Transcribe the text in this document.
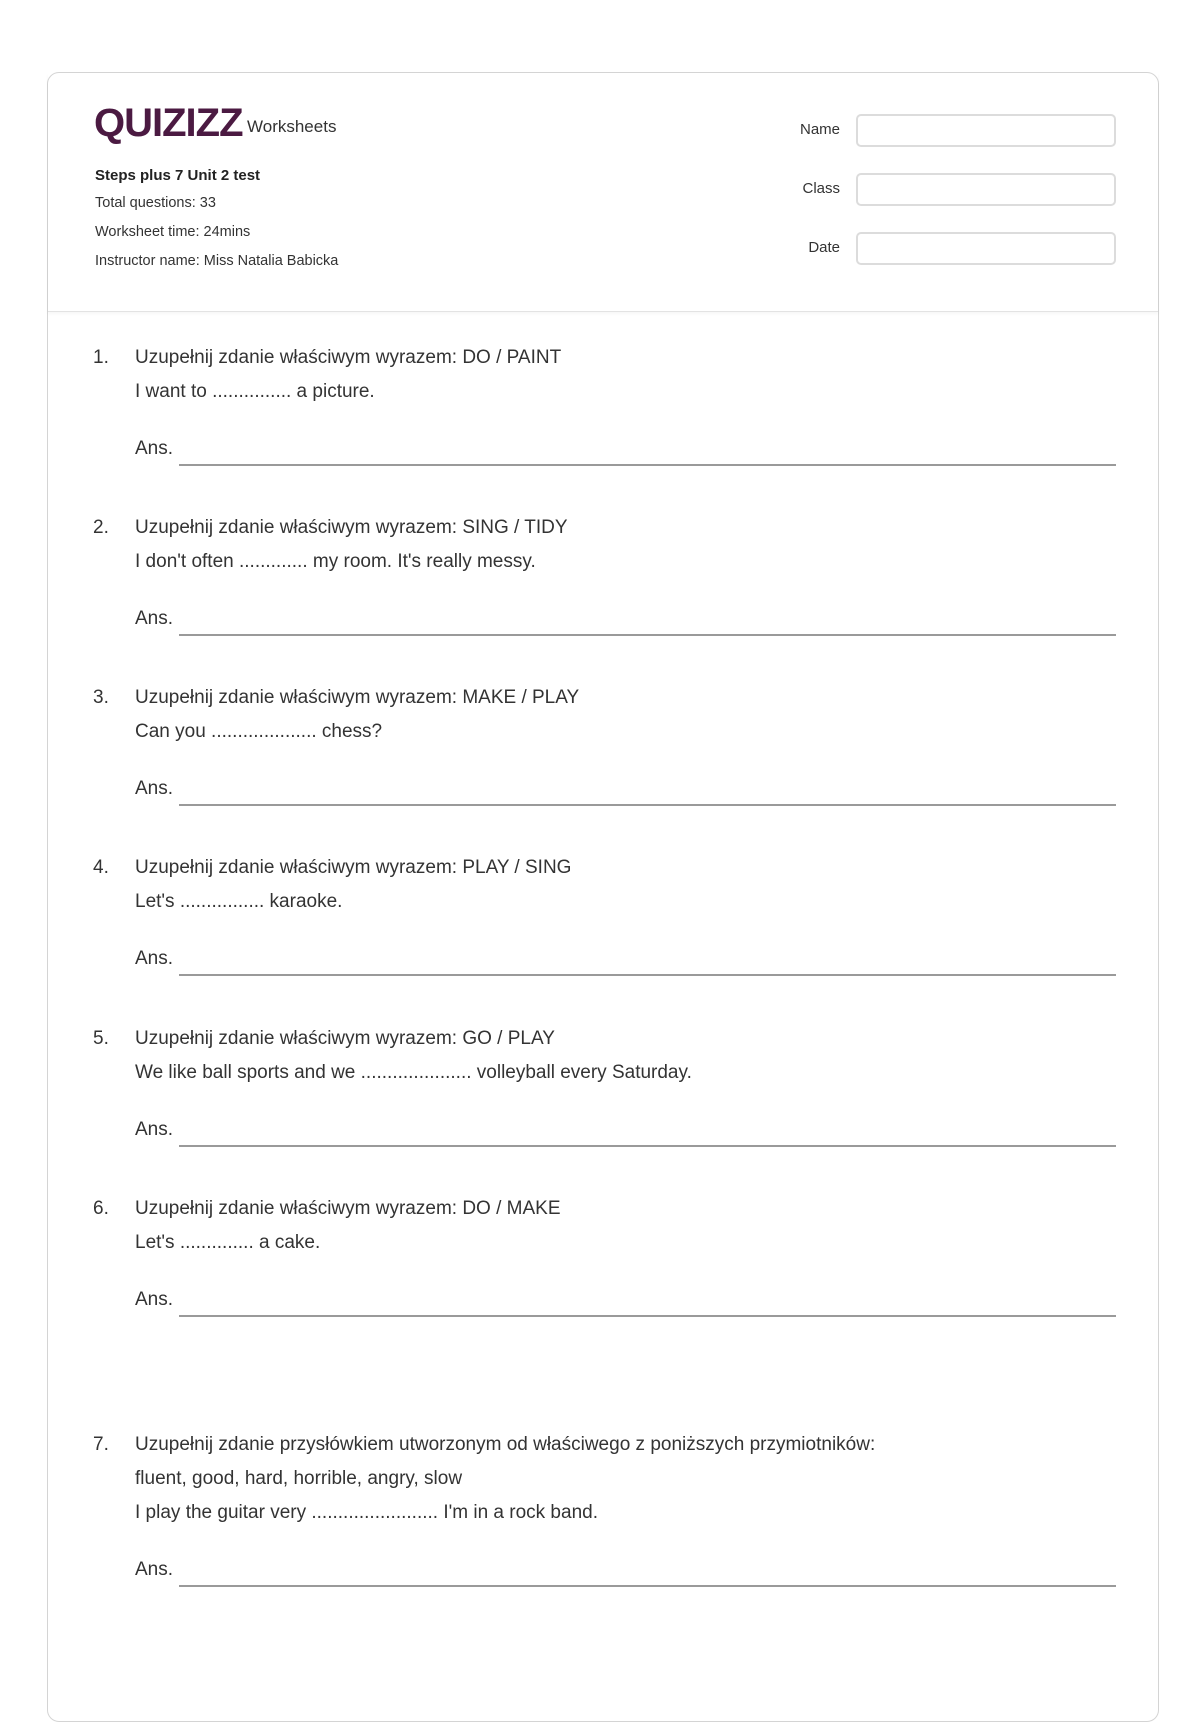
QUIZIZZ Worksheets
Steps plus 7 Unit 2 test
Total questions: 33
Worksheet time: 24mins
Instructor name: Miss Natalia Babicka
Name
Class
Date
1. Uzupełnij zdanie właściwym wyrazem: DO / PAINT
I want to ............... a picture.
Ans.
2. Uzupełnij zdanie właściwym wyrazem: SING / TIDY
I don't often ............. my room. It's really messy.
Ans.
3. Uzupełnij zdanie właściwym wyrazem: MAKE / PLAY
Can you .................... chess?
Ans.
4. Uzupełnij zdanie właściwym wyrazem: PLAY / SING
Let's ................ karaoke.
Ans.
5. Uzupełnij zdanie właściwym wyrazem: GO / PLAY
We like ball sports and we ..................... volleyball every Saturday.
Ans.
6. Uzupełnij zdanie właściwym wyrazem: DO / MAKE
Let's .............. a cake.
Ans.
7. Uzupełnij zdanie przysłówkiem utworzonym od właściwego z poniższych przymiotników:
fluent, good, hard, horrible, angry, slow
I play the guitar very ........................ I'm in a rock band.
Ans.
